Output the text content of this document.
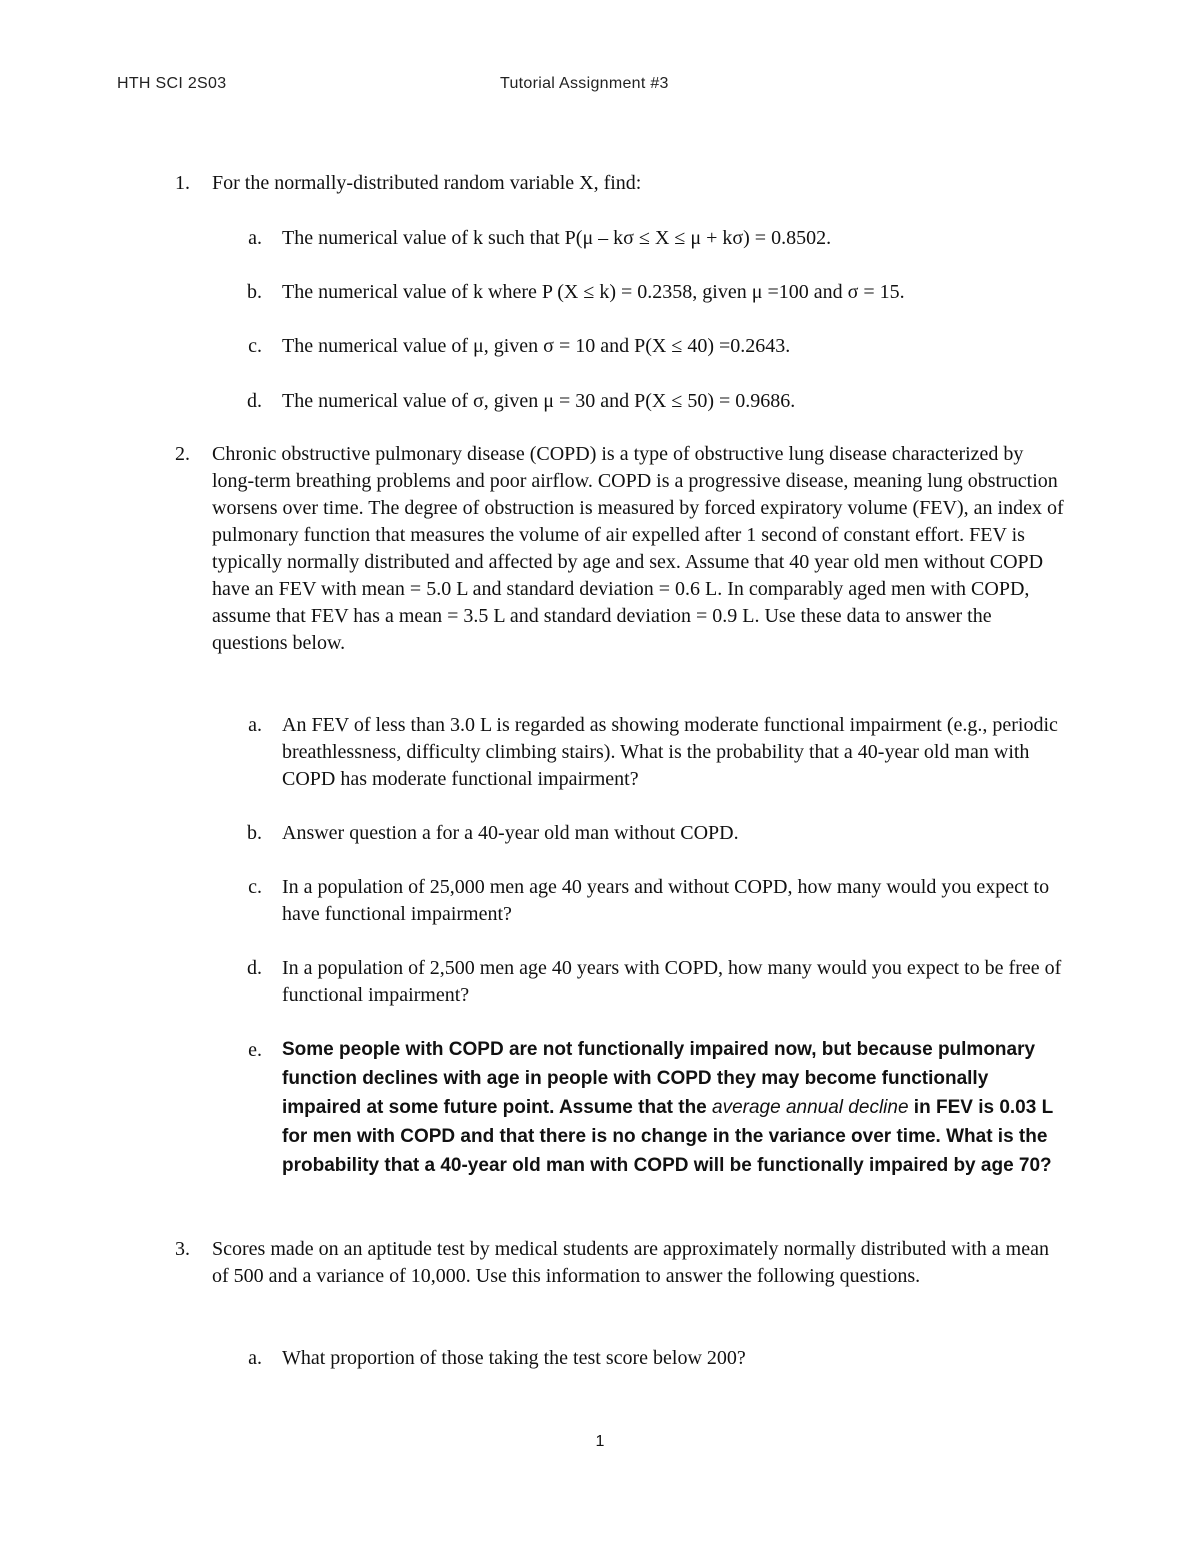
HTH SCI 2S03	Tutorial Assignment #3
1. For the normally-distributed random variable X, find:
a. The numerical value of k such that P(μ – kσ ≤ X ≤ μ + kσ) = 0.8502.
b. The numerical value of k where P (X ≤ k) = 0.2358, given μ =100 and σ = 15.
c. The numerical value of μ, given σ = 10 and P(X ≤ 40) =0.2643.
d. The numerical value of σ, given μ = 30 and P(X ≤ 50) = 0.9686.
2. Chronic obstructive pulmonary disease (COPD) is a type of obstructive lung disease characterized by long-term breathing problems and poor airflow. COPD is a progressive disease, meaning lung obstruction worsens over time. The degree of obstruction is measured by forced expiratory volume (FEV), an index of pulmonary function that measures the volume of air expelled after 1 second of constant effort. FEV is typically normally distributed and affected by age and sex. Assume that 40 year old men without COPD have an FEV with mean = 5.0 L and standard deviation = 0.6 L. In comparably aged men with COPD, assume that FEV has a mean = 3.5 L and standard deviation = 0.9 L. Use these data to answer the questions below.
a. An FEV of less than 3.0 L is regarded as showing moderate functional impairment (e.g., periodic breathlessness, difficulty climbing stairs). What is the probability that a 40-year old man with COPD has moderate functional impairment?
b. Answer question a for a 40-year old man without COPD.
c. In a population of 25,000 men age 40 years and without COPD, how many would you expect to have functional impairment?
d. In a population of 2,500 men age 40 years with COPD, how many would you expect to be free of functional impairment?
e. Some people with COPD are not functionally impaired now, but because pulmonary function declines with age in people with COPD they may become functionally impaired at some future point. Assume that the average annual decline in FEV is 0.03 L for men with COPD and that there is no change in the variance over time. What is the probability that a 40-year old man with COPD will be functionally impaired by age 70?
3. Scores made on an aptitude test by medical students are approximately normally distributed with a mean of 500 and a variance of 10,000. Use this information to answer the following questions.
a. What proportion of those taking the test score below 200?
1
